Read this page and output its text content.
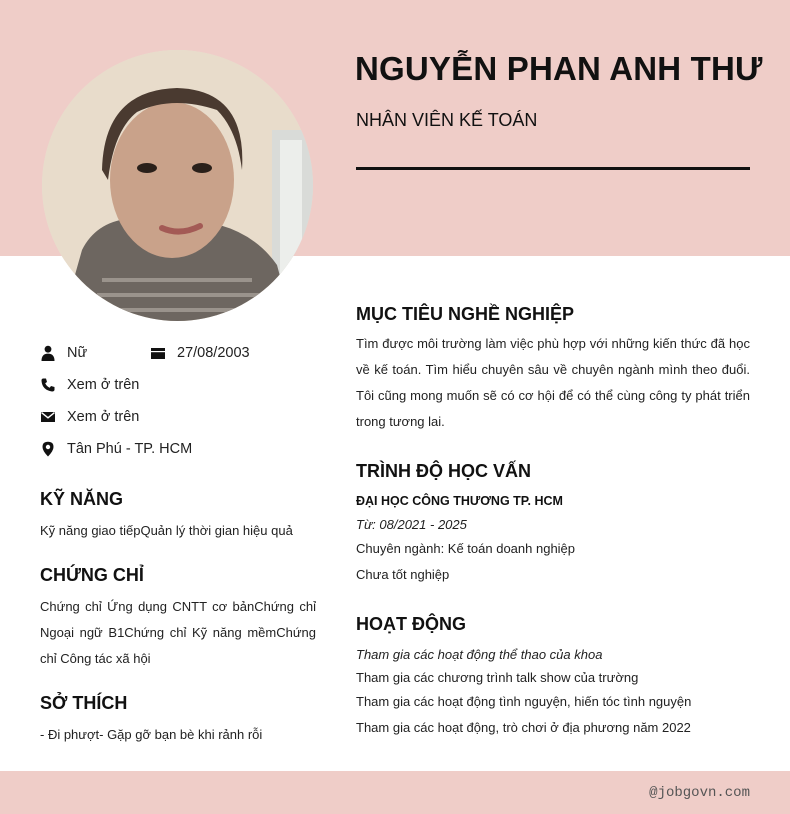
NGUYỄN PHAN ANH THƯ
NHÂN VIÊN KẾ TOÁN
Nữ	27/08/2003
Xem ở trên
Xem ở trên
Tân Phú - TP. HCM
KỸ NĂNG
Kỹ năng giao tiếpQuản lý thời gian hiệu quả
CHỨNG CHỈ
Chứng chỉ Ứng dụng CNTT cơ bảnChứng chỉ Ngoại ngữ B1Chứng chỉ Kỹ năng mềmChứng chỉ Công tác xã hội
SỞ THÍCH
- Đi phượt- Gặp gỡ bạn bè khi rảnh rỗi
MỤC TIÊU NGHỀ NGHIỆP
Tìm được môi trường làm việc phù hợp với những kiến thức đã học về kế toán. Tìm hiểu chuyên sâu về chuyên ngành mình theo đuổi. Tôi cũng mong muốn sẽ có cơ hội để có thể cùng công ty phát triển trong tương lai.
TRÌNH ĐỘ HỌC VẤN
ĐẠI HỌC CÔNG THƯƠNG TP. HCM
Từ: 08/2021 - 2025
Chuyên ngành: Kế toán doanh nghiệp
Chưa tốt nghiệp
HOẠT ĐỘNG
Tham gia các hoạt động thể thao của khoa
Tham gia các chương trình talk show của trường
Tham gia các hoạt động tình nguyện, hiến tóc tình nguyện
Tham gia các hoạt động, trò chơi ở địa phương năm 2022
@jobgovn.com
